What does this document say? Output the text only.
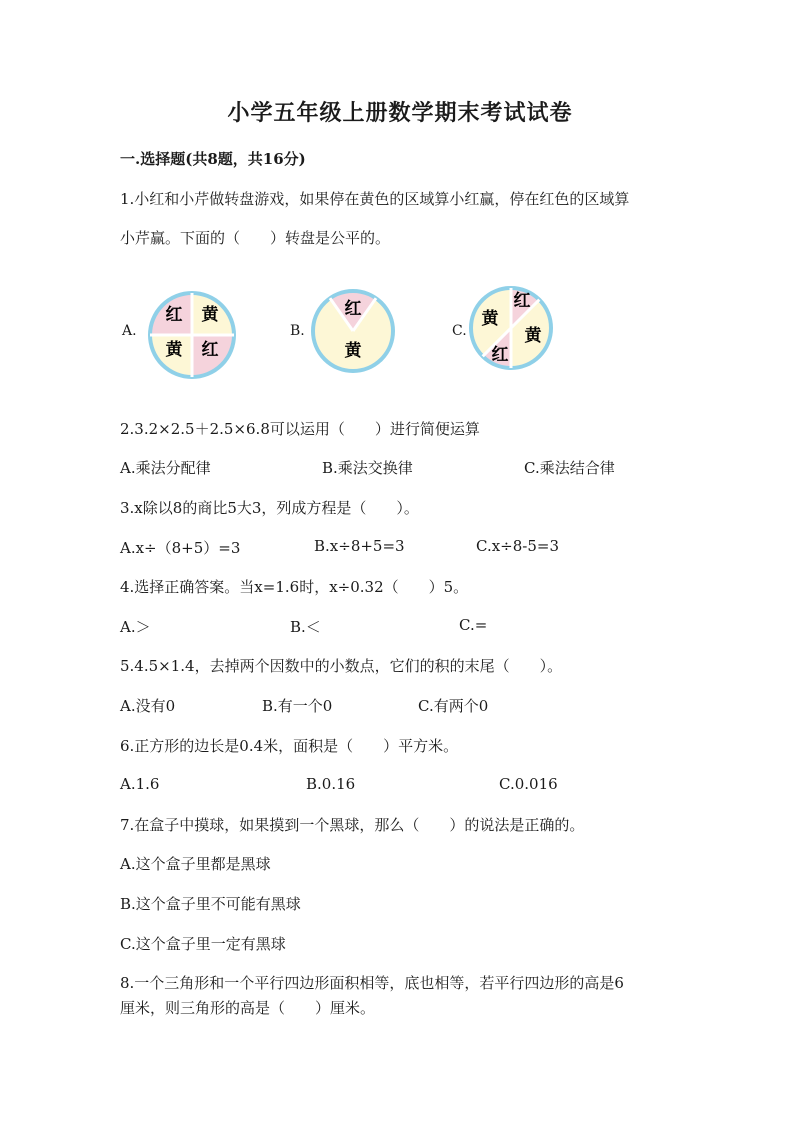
小学五年级上册数学期末考试试卷
一.选择题(共8题，共16分)
1.小红和小芹做转盘游戏，如果停在黄色的区域算小红赢，停在红色的区域算
小芹赢。下面的（　　）转盘是公平的。
A.
红 黄
黄 红
B.
红
黄
C.
红
黄
黄
红
2.3.2×2.5＋2.5×6.8可以运用（　　）进行简便运算
A.乘法分配律	B.乘法交换律	C.乘法结合律
3.x除以8的商比5大3，列成方程是（　　）。
A.x÷（8+5）=3	B.x÷8+5=3	C.x÷8-5=3
4.选择正确答案。当x=1.6时，x÷0.32（　　）5。
A.＞	B.＜	C.=
5.4.5×1.4，去掉两个因数中的小数点，它们的积的末尾（　　）。
A.没有0	B.有一个0	C.有两个0
6.正方形的边长是0.4米，面积是（　　）平方米。
A.1.6	B.0.16	C.0.016
7.在盒子中摸球，如果摸到一个黑球，那么（　　）的说法是正确的。
A.这个盒子里都是黑球
B.这个盒子里不可能有黑球
C.这个盒子里一定有黑球
8.一个三角形和一个平行四边形面积相等，底也相等，若平行四边形的高是6
厘米，则三角形的高是（　　）厘米。
